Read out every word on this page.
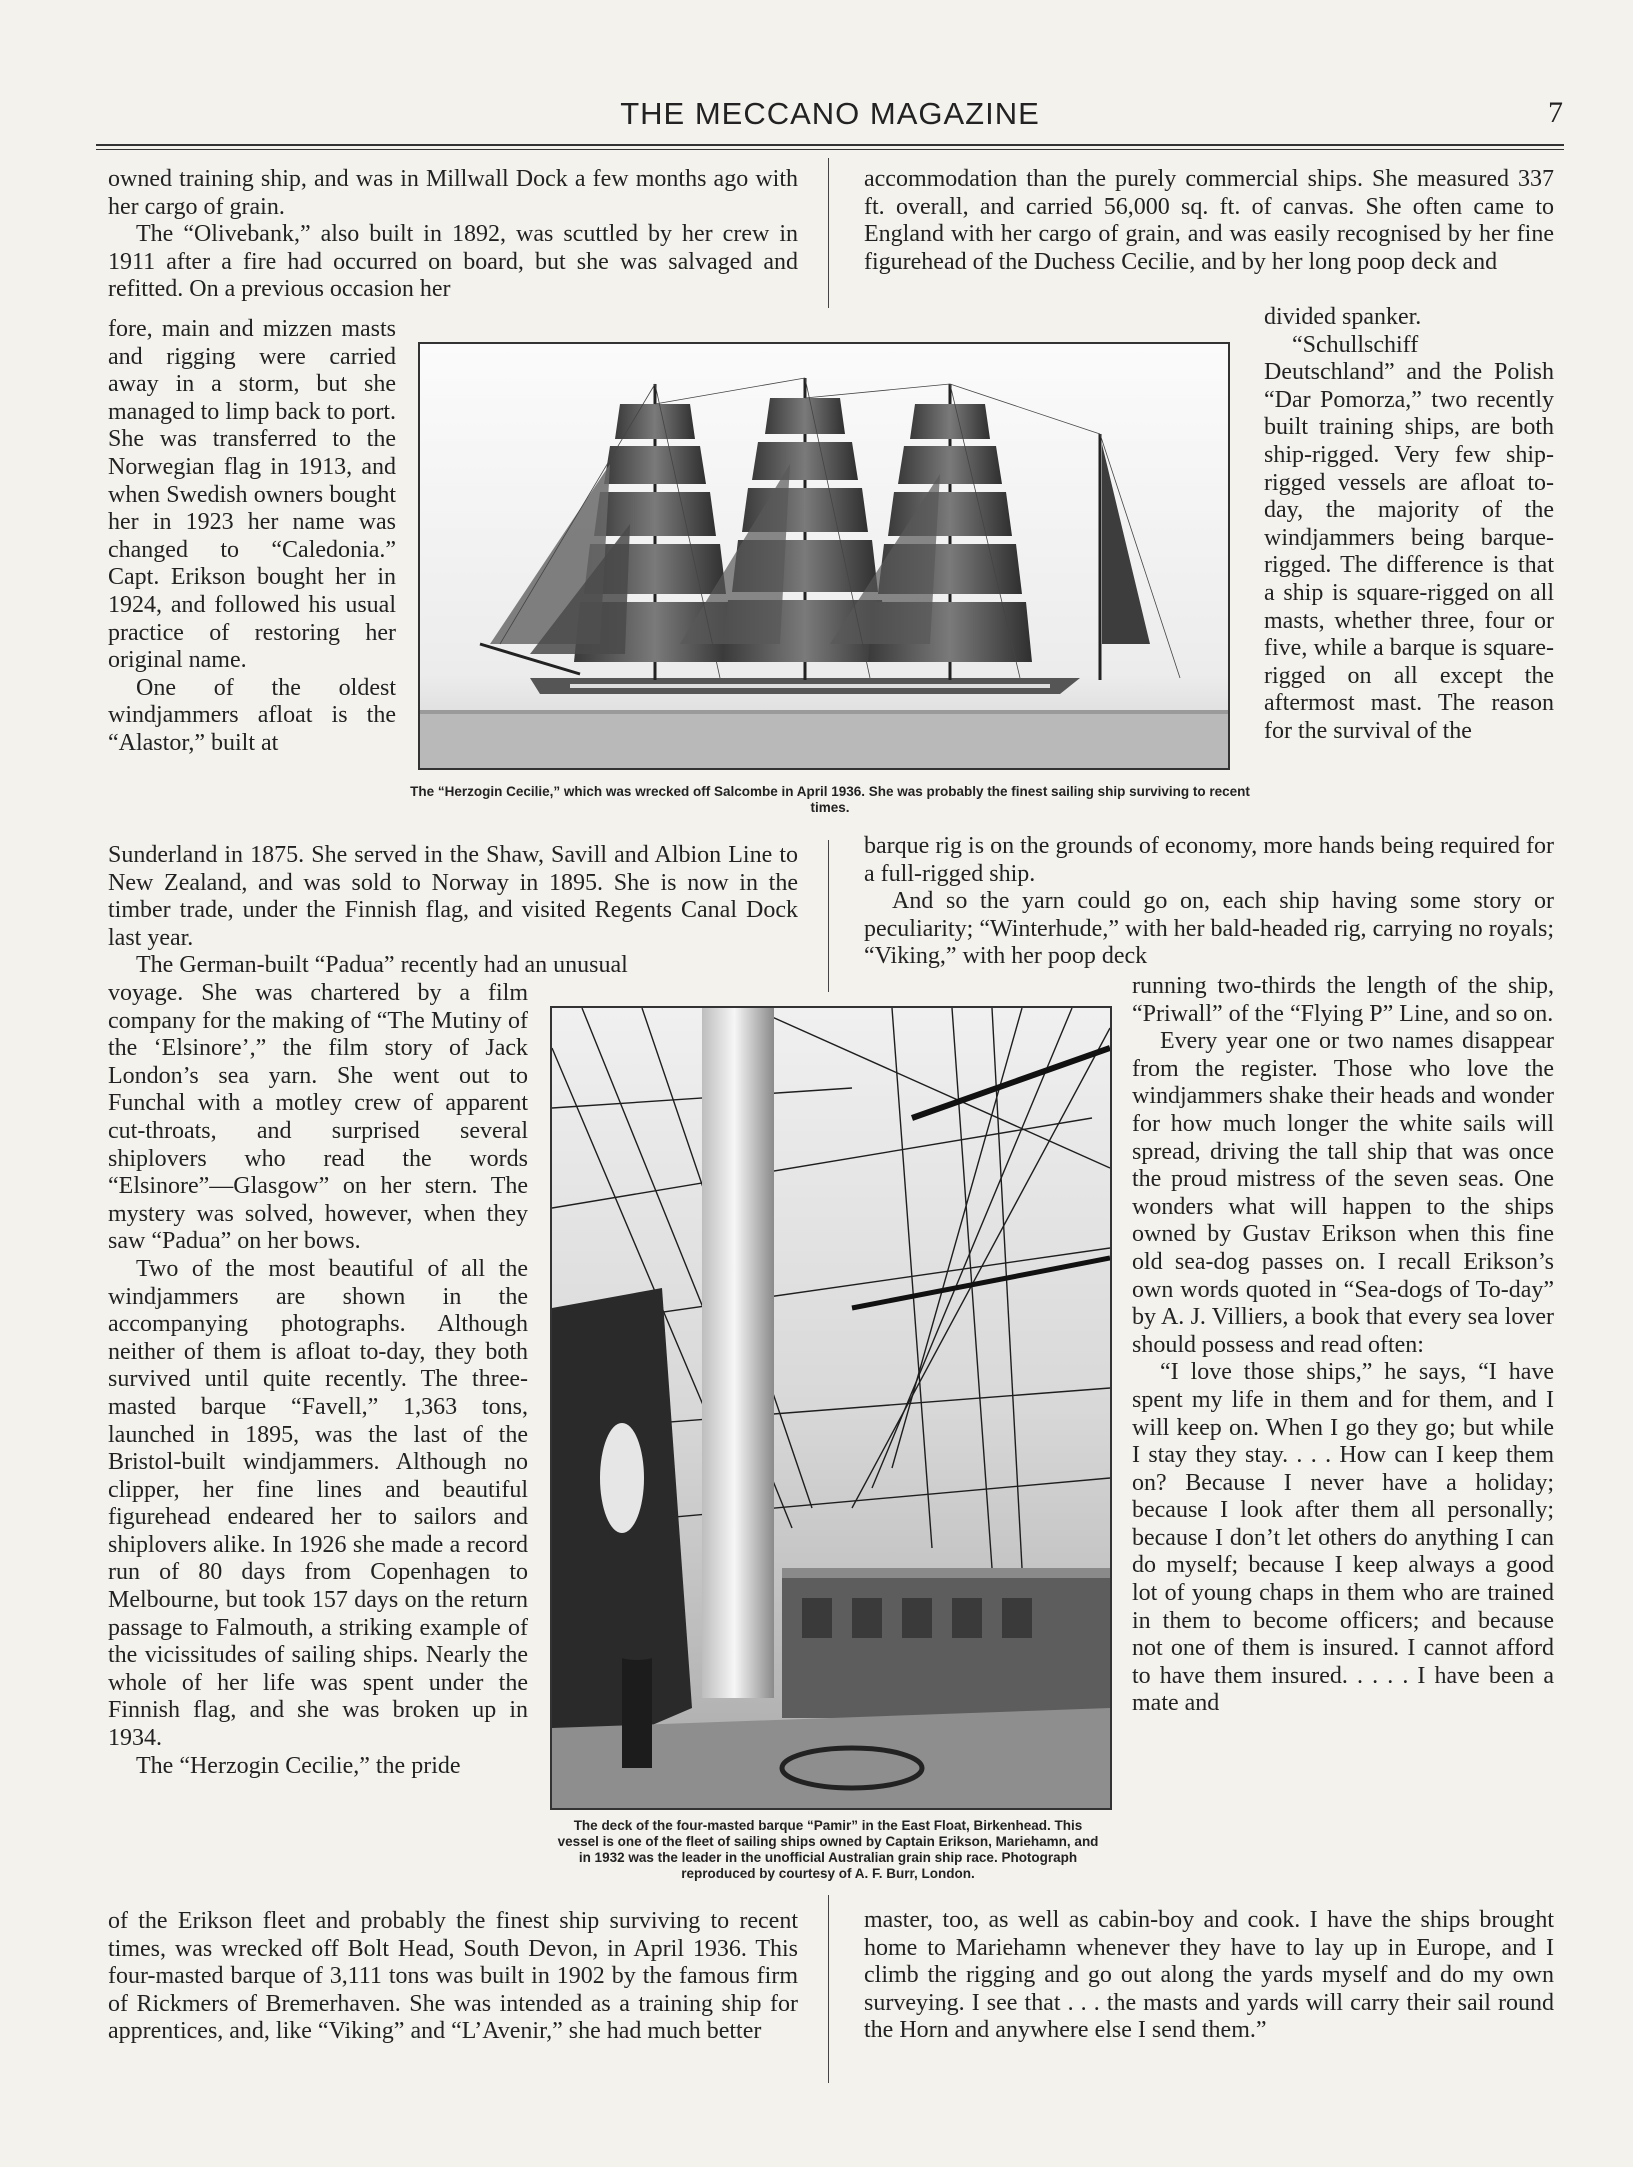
THE MECCANO MAGAZINE	7

owned training ship, and was in Millwall Dock a few months ago with her cargo of grain.

The “Olivebank,” also built in 1892, was scuttled by her crew in 1911 after a fire had occurred on board, but she was salvaged and refitted. On a previous occasion her

fore, main and mizzen masts and rigging were carried away in a storm, but she managed to limp back to port. She was transferred to the Norwegian flag in 1913, and when Swedish owners bought her in 1923 her name was changed to “Caledonia.” Capt. Erikson bought her in 1924, and followed his usual practice of restoring her original name.

One of the oldest windjammers afloat is the “Alastor,” built at

Sunderland in 1875. She served in the Shaw, Savill and Albion Line to New Zealand, and was sold to Norway in 1895. She is now in the timber trade, under the Finnish flag, and visited Regents Canal Dock last year.

The German-built “Padua” recently had an unusual

voyage. She was chartered by a film company for the making of “The Mutiny of the ‘Elsinore’,” the film story of Jack London’s sea yarn. She went out to Funchal with a motley crew of apparent cut-throats, and surprised several shiplovers who read the words “Elsinore”—Glasgow” on her stern. The mystery was solved, however, when they saw “Padua” on her bows.

Two of the most beautiful of all the windjammers are shown in the accompanying photographs. Although neither of them is afloat to-day, they both survived until quite recently. The three-masted barque “Favell,” 1,363 tons, launched in 1895, was the last of the Bristol-built windjammers. Although no clipper, her fine lines and beautiful figurehead endeared her to sailors and shiplovers alike. In 1926 she made a record run of 80 days from Copenhagen to Melbourne, but took 157 days on the return passage to Falmouth, a striking example of the vicissitudes of sailing ships. Nearly the whole of her life was spent under the Finnish flag, and she was broken up in 1934.

The “Herzogin Cecilie,” the pride

of the Erikson fleet and probably the finest ship surviving to recent times, was wrecked off Bolt Head, South Devon, in April 1936. This four-masted barque of 3,111 tons was built in 1902 by the famous firm of Rickmers of Bremerhaven. She was intended as a training ship for apprentices, and, like “Viking” and “L’Avenir,” she had much better

accommodation than the purely commercial ships. She measured 337 ft. overall, and carried 56,000 sq. ft. of canvas. She often came to England with her cargo of grain, and was easily recognised by her fine figurehead of the Duchess Cecilie, and by her long poop deck and

divided spanker.

“Schullschiff Deutschland” and the Polish “Dar Pomorza,” two recently built training ships, are both ship-rigged. Very few ship-rigged vessels are afloat to-day, the majority of the windjammers being barque-rigged. The difference is that a ship is square-rigged on all masts, whether three, four or five, while a barque is square-rigged on all except the aftermost mast. The reason for the survival of the

barque rig is on the grounds of economy, more hands being required for a full-rigged ship.

And so the yarn could go on, each ship having some story or peculiarity; “Winterhude,” with her bald-headed rig, carrying no royals; “Viking,” with her poop deck

running two-thirds the length of the ship, “Priwall” of the “Flying P” Line, and so on.

Every year one or two names disappear from the register. Those who love the windjammers shake their heads and wonder for how much longer the white sails will spread, driving the tall ship that was once the proud mistress of the seven seas. One wonders what will happen to the ships owned by Gustav Erikson when this fine old sea-dog passes on. I recall Erikson’s own words quoted in “Sea-dogs of To-day” by A. J. Villiers, a book that every sea lover should possess and read often:

“I love those ships,” he says, “I have spent my life in them and for them, and I will keep on. When I go they go; but while I stay they stay. . . . How can I keep them on? Because I never have a holiday; because I look after them all personally; because I don’t let others do anything I can do myself; because I keep always a good lot of young chaps in them who are trained in them to become officers; and because not one of them is insured. I cannot afford to have them insured. . . . . I have been a mate and

master, too, as well as cabin-boy and cook. I have the ships brought home to Mariehamn whenever they have to lay up in Europe, and I climb the rigging and go out along the yards myself and do my own surveying. I see that . . . the masts and yards will carry their sail round the Horn and anywhere else I send them.”

The “Herzogin Cecilie,” which was wrecked off Salcombe in April 1936. She was probably the finest sailing ship surviving to recent times.
The deck of the four-masted barque “Pamir” in the East Float, Birkenhead. This vessel is one of the fleet of sailing ships owned by Captain Erikson, Mariehamn, and in 1932 was the leader in the unofficial Australian grain ship race. Photograph reproduced by courtesy of A. F. Burr, London.
